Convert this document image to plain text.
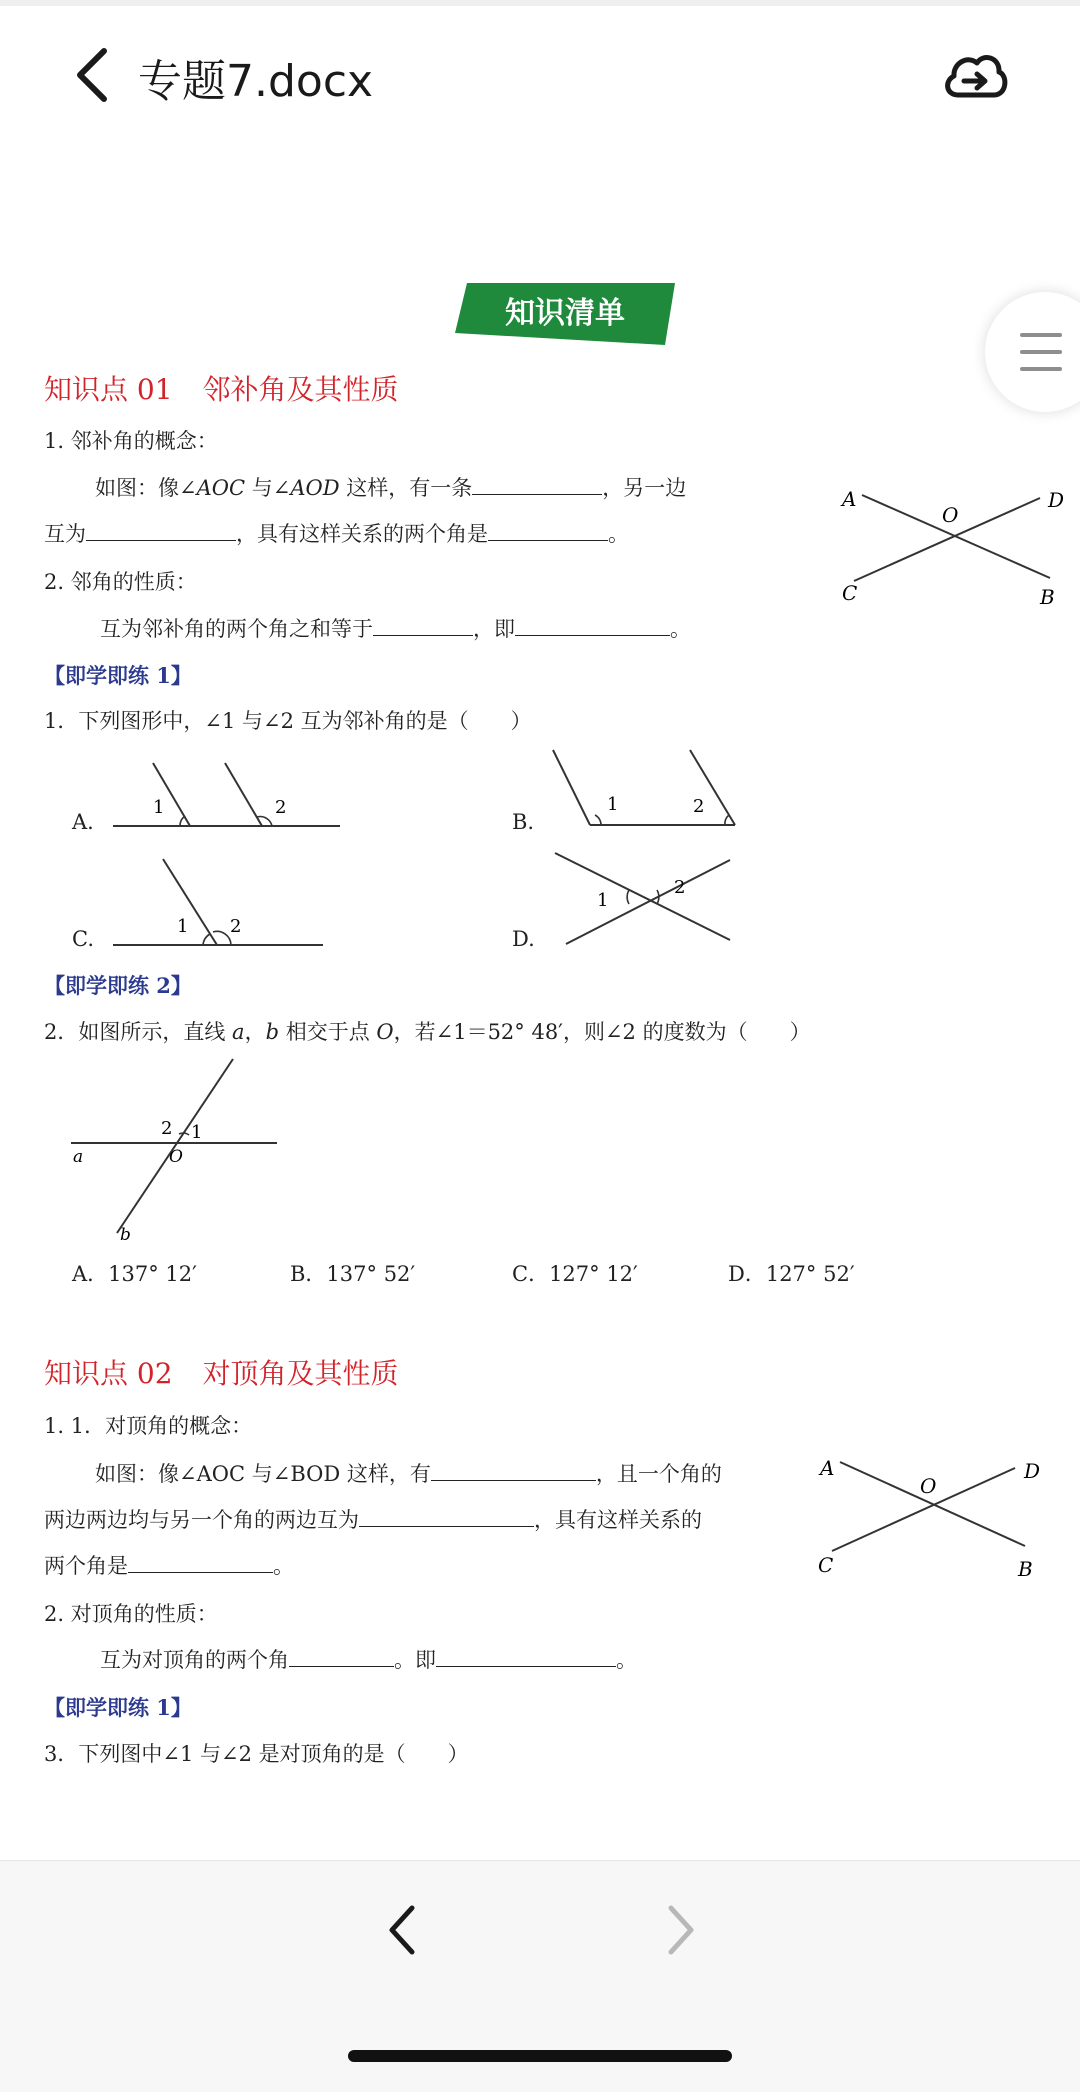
专题7.docx
知识清单
知识点 01 邻补角及其性质
1. 邻补角的概念：
如图：像∠AOC 与∠AOD 这样，有一条	，另一边
互为	，具有这样关系的两个角是	。
2. 邻角的性质：
互为邻补角的两个角之和等于	，即	。
A
O
D
C	B
【即学即练 1】
1．下列图形中，∠1 与∠2 互为邻补角的是（　　）
A.
1	2
B.
1	2
C.
1 2
D.
1
2
【即学即练 2】
2．如图所示，直线 a，b 相交于点 O，若∠1＝52° 48′，则∠2 的度数为（　　）
2 1
a	O
b
A．137° 12′	B．137° 52′	C．127° 12′	D．127° 52′
知识点 02 对顶角及其性质
1. 1．对顶角的概念：
如图：像∠AOC 与∠BOD 这样，有	，且一个角的
两边两边均与另一个角的两边互为	，具有这样关系的
两个角是	。
2. 对顶角的性质：
互为对顶角的两个角	。即	。
A
O
D
C	B
【即学即练 1】
3．下列图中∠1 与∠2 是对顶角的是（　　）
